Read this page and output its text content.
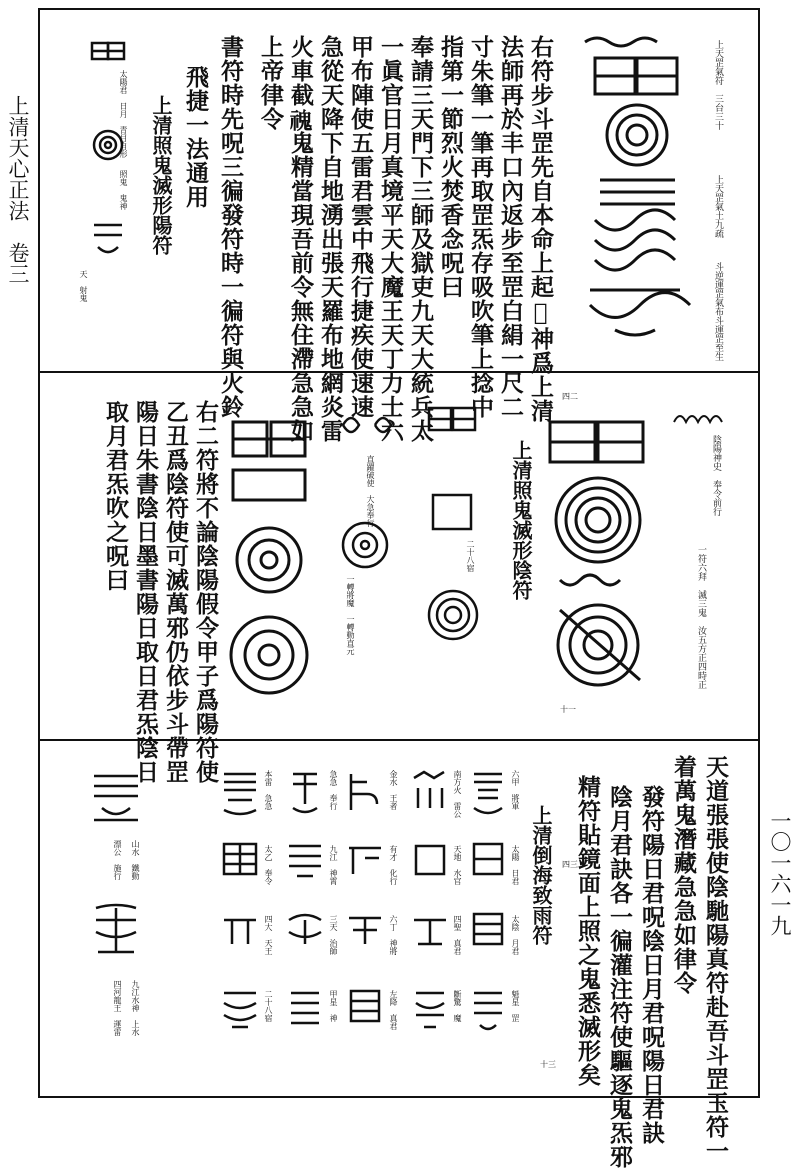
上清天心正法　卷三
一〇一六一九
上天罡氣符　三台三十
上天罡氣土九疏
斗逆運罡氣布斗運罡至生
右符步斗罡先自本命上起𥪡神爲上清
法師再於丰口內返步至罡白絹一尺二
寸朱筆一筆再取罡炁存吸吹筆上捻中
指第一節烈火焚香念呪曰
奉請三天門下三師及獄吏九天大統兵太
一眞官日月真境平天大魔王天丁力士六
甲布陣使五雷君雲中飛行捷疾使速速
急從天降下自地湧出張天羅布地網炎雷
火車截𩲡鬼精當現吾前令無住滯急急如
上帝律令
書符時先呪三徧發符時一徧符與火鈴
飛捷一法通用
上清照鬼滅形陽符
太陽君　日月　青目自形
照鬼　鬼神
天　射鬼
四二
十一
陰陽神史　奉令前行
一符六拜　滅三鬼　汝五方正四時正
上清照鬼滅形陰符
二十八宿
直躍破使　大急奉行
一轉將魔　一轉動直元
右二符將不論陰陽假令甲子爲陽符使
乙丑爲陰符使可滅萬邪仍依步斗帶罡
陽日朱書陰日墨書陽日取日君炁陰日
取月君炁吹之呪曰
天道張張使陰馳陽真符赴吾斗罡玉符一
着萬鬼潛藏急急如律令
發符陽日君呪陰日月君呪陽日君訣
陰月君訣各一徧灌注符使驅逐鬼炁邪
精符貼鏡面上照之鬼悉滅形矣
上清倒海致雨符 四三
十三
六甲　將軍
太陽　日君
太陰　月君
魁星　罡
南方火　雷公
天地　水官
四聖　真君
斷驚　魔
金水　王者
有才　化行
六丁　神將
左降　真君
急急　奉行
九江　神霄
三天　治師
甲星　神
本雷　急急
太乙　奉令
四大　天王
二十八宿
山水　鐵動
漂公　施行
九江水神　上水
四河龍王　運雷
